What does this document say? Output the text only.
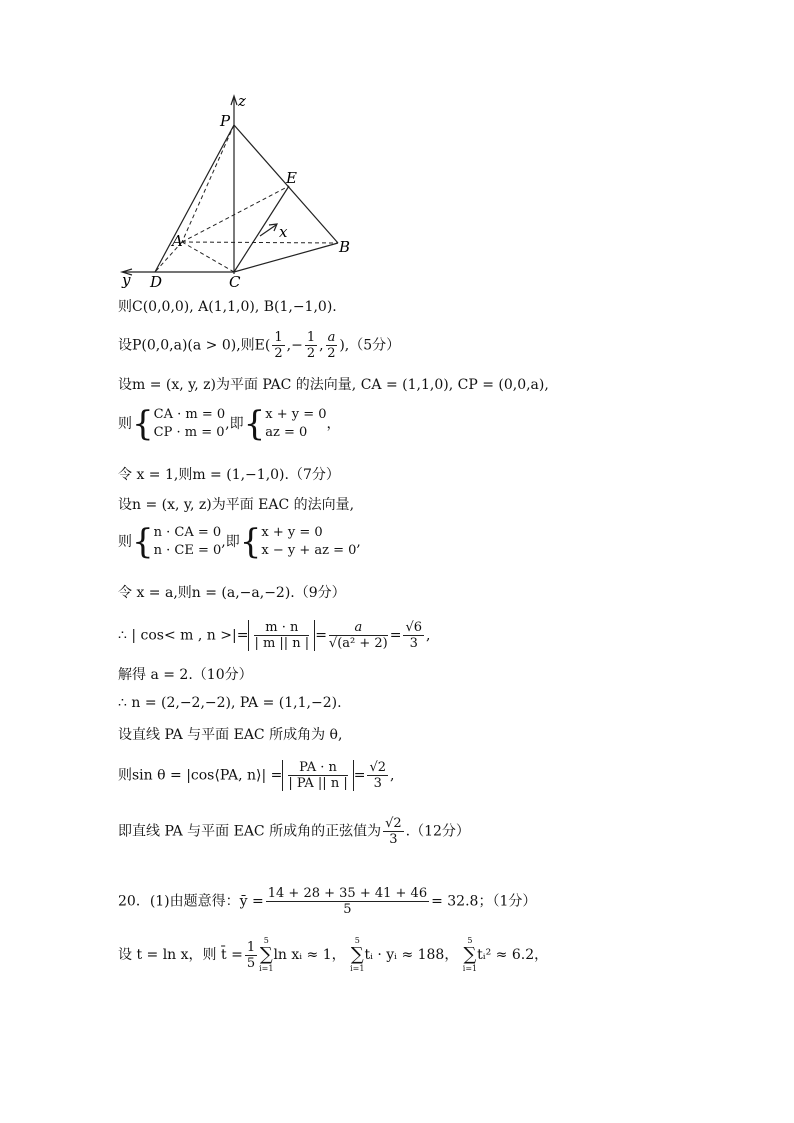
z
P
E
x
A	B
y D	C
则C(0,0,0), A(1,1,0), B(1,−1,0).
设P(0,0,a)(a > 0),则$E( \frac{1}{2}$ ,− $\frac{1}{2}$ , $\frac{a}{2} ),(5$分）
设m = (x, y, z)为平面 PAC 的法向量, CA = (1,1,0), CP = (0,0,a),
则{ CA · m = 0
CP · m = 0
,即{ x + y = 0
az = 0
，
令 x = 1,则m = (1,−1,0).（7分）
设n = (x, y, z)为平面 EAC 的法向量,
则{ n · CA = 0
n · CE = 0
,即{ x + y = 0
x − y + az = 0
,
令 x = a,则n = (a,−a,−2).（9分）
∴ | cos< m , n >|= $\frac{m \cdot n}{| m || n |} = \frac{a}{\text{√(a² + 2)}} = \frac{√6}{3}$ ,
解得 a = 2.（10分）
∴ n = (2,−2,−2), PA = (1,1,−2).
设直线 PA 与平面 EAC 所成角为 θ,
则sin θ = |cos⟨PA, n⟩| = $\frac{PA \cdot n}{| PA || n |} = \frac{√2}{3}$ ,
即直线 PA 与平面 EAC 所成角的正弦值为 $\frac{√2}{3} .(12$分）
20．(1)由题意得：ȳ = $\frac{14 + 28 + 35 + 41 + 46}{5} = 32.8$；（1分）
设 t = ln x，则 t̄ = $\frac{1}{5} 5$
∑
i=1
ln xᵢ ≈ 1，
5
∑
i=1
tᵢ · yᵢ ≈ 188，
5
∑
i=1
tᵢ² ≈ 6.2，
